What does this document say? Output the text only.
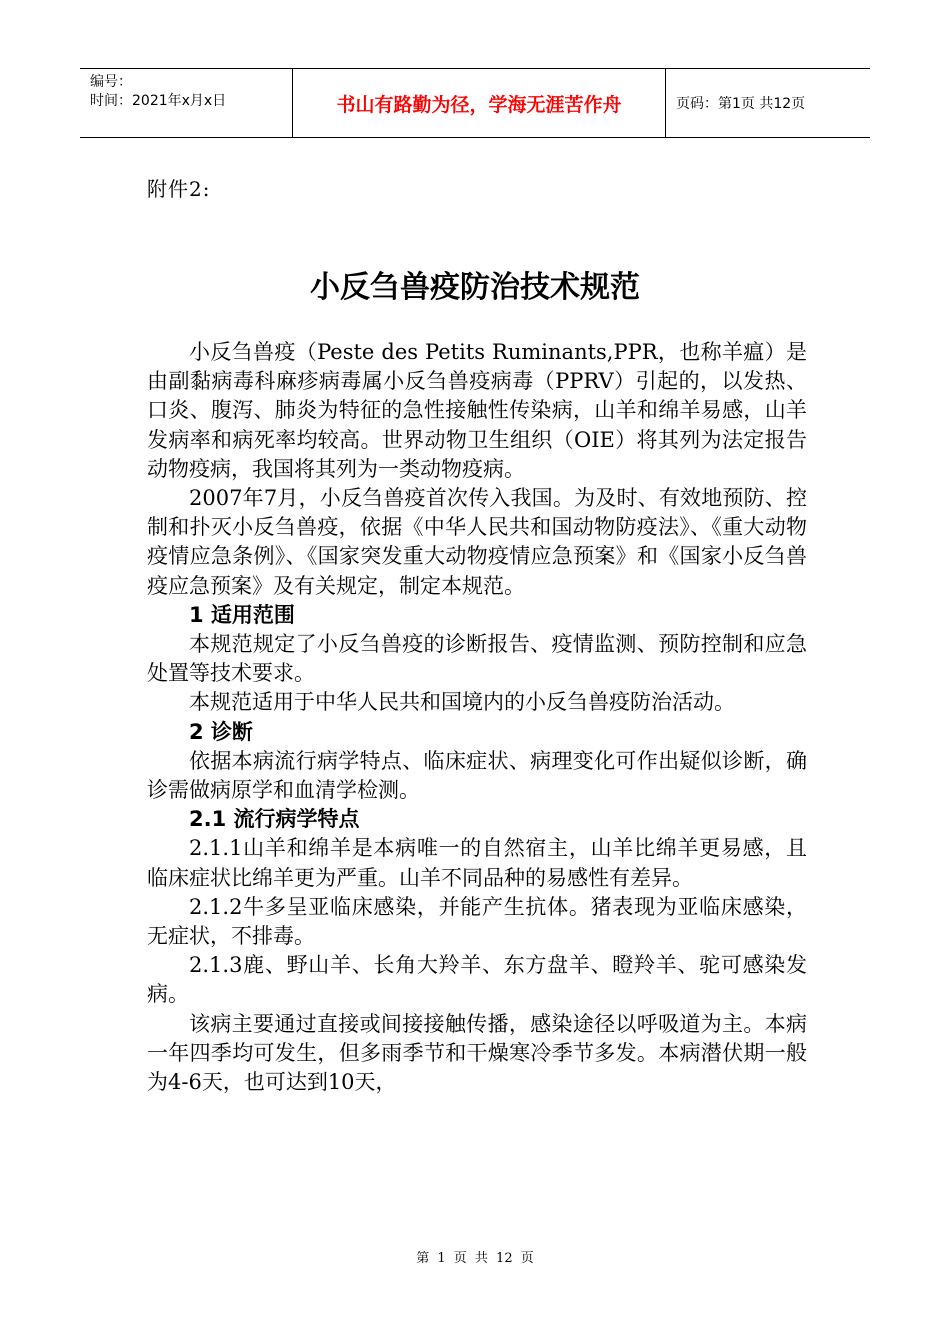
编号：
时间：2021年x月x日	书山有路勤为径，学海无涯苦作舟	页码：第1页 共12页
附件2:
小反刍兽疫防治技术规范

小反刍兽疫（Peste des Petits Ruminants,PPR，也称羊瘟）是由副黏病毒科麻疹病毒属小反刍兽疫病毒（PPRV）引起的，以发热、口炎、腹泻、肺炎为特征的急性接触性传染病，山羊和绵羊易感，山羊发病率和病死率均较高。世界动物卫生组织（OIE）将其列为法定报告动物疫病，我国将其列为一类动物疫病。

2007年7月，小反刍兽疫首次传入我国。为及时、有效地预防、控制和扑灭小反刍兽疫，依据《中华人民共和国动物防疫法》、《重大动物疫情应急条例》、《国家突发重大动物疫情应急预案》和《国家小反刍兽疫应急预案》及有关规定，制定本规范。

1 适用范围

本规范规定了小反刍兽疫的诊断报告、疫情监测、预防控制和应急处置等技术要求。

本规范适用于中华人民共和国境内的小反刍兽疫防治活动。

2 诊断

依据本病流行病学特点、临床症状、病理变化可作出疑似诊断，确诊需做病原学和血清学检测。

2.1 流行病学特点

2.1.1山羊和绵羊是本病唯一的自然宿主，山羊比绵羊更易感，且临床症状比绵羊更为严重。山羊不同品种的易感性有差异。

2.1.2牛多呈亚临床感染，并能产生抗体。猪表现为亚临床感染，无症状，不排毒。

2.1.3鹿、野山羊、长角大羚羊、东方盘羊、瞪羚羊、驼可感染发病。

该病主要通过直接或间接接触传播，感染途径以呼吸道为主。本病一年四季均可发生，但多雨季节和干燥寒冷季节多发。本病潜伏期一般为4-6天，也可达到10天，

第 1 页 共 12 页
